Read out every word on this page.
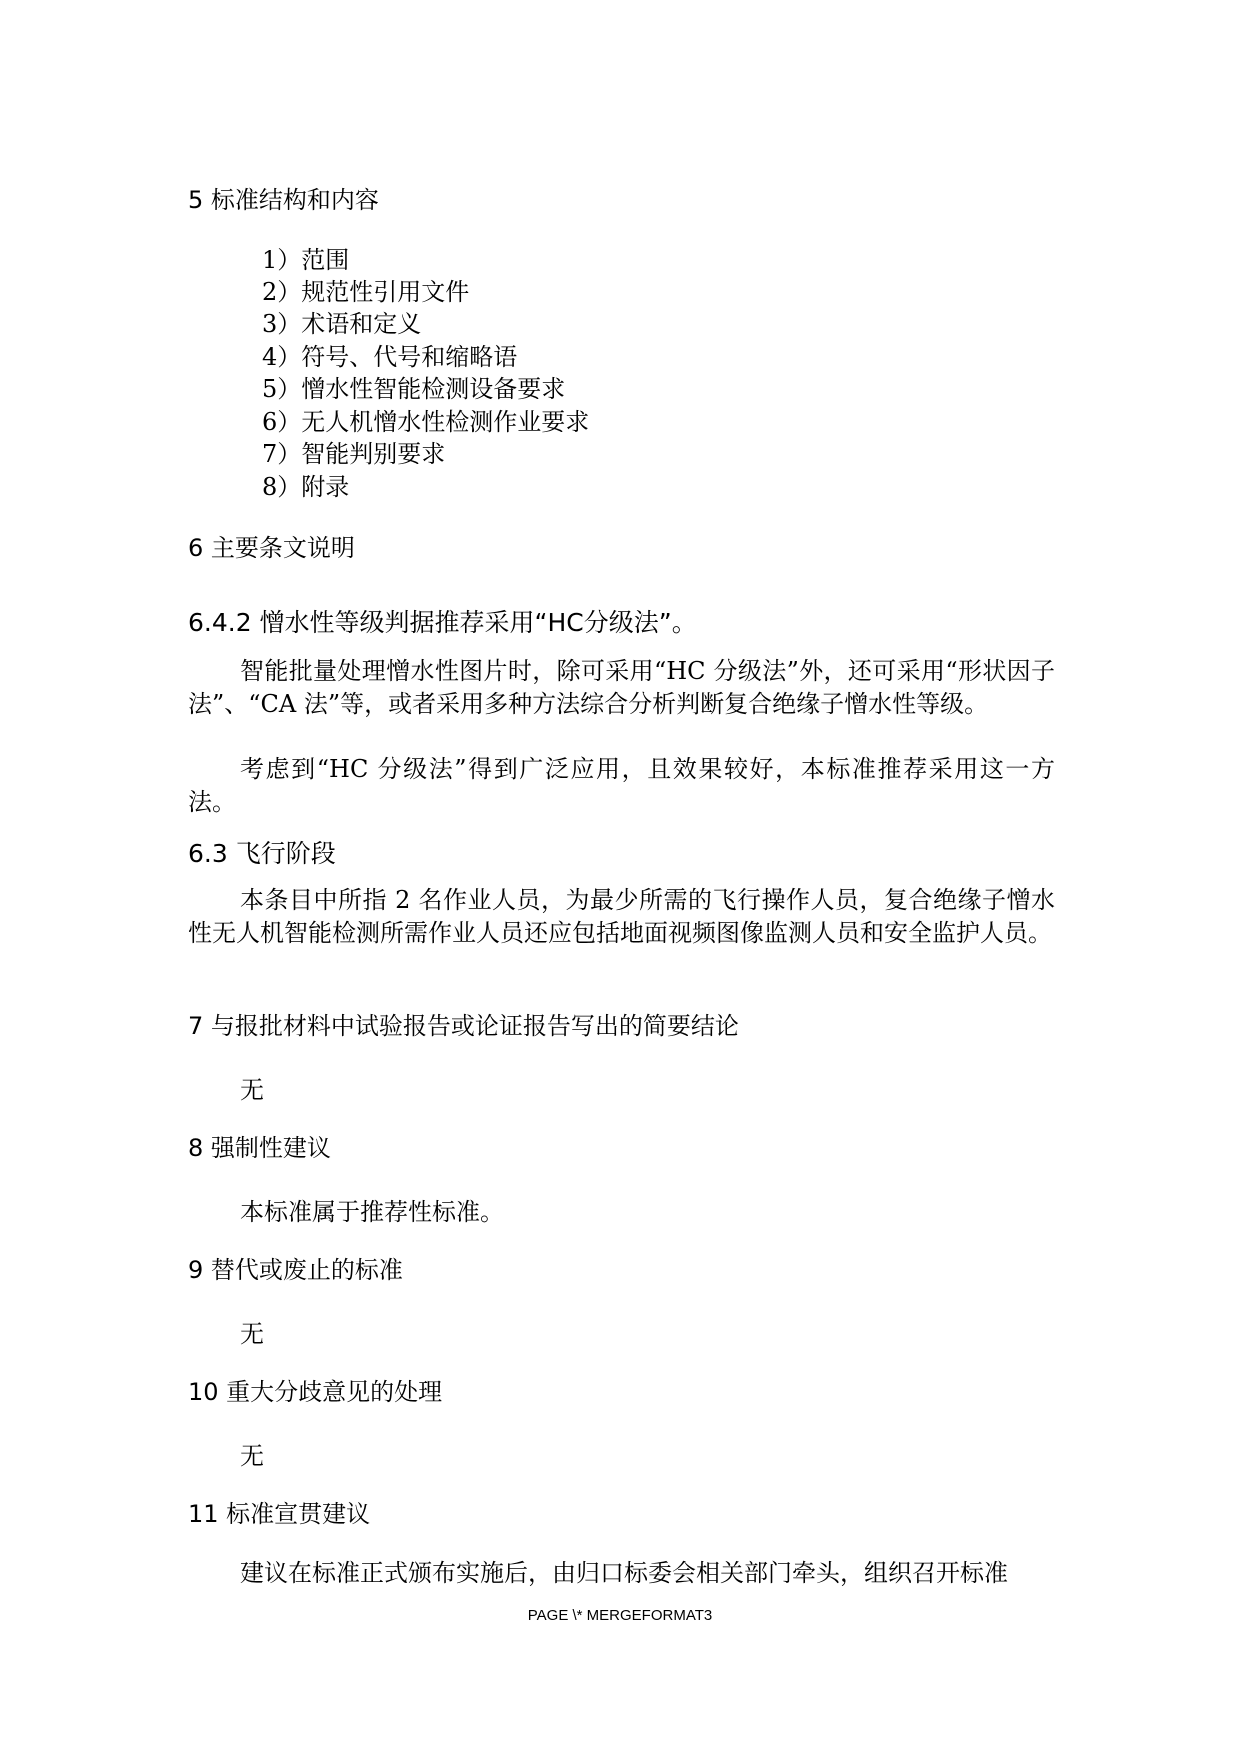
5 标准结构和内容
1）范围
2）规范性引用文件
3）术语和定义
4）符号、代号和缩略语
5）憎水性智能检测设备要求
6）无人机憎水性检测作业要求
7）智能判别要求
8）附录
6 主要条文说明
6.4.2 憎水性等级判据推荐采用“HC分级法”。
智能批量处理憎水性图片时，除可采用“HC 分级法”外，还可采用“形状因子法”、“CA 法”等，或者采用多种方法综合分析判断复合绝缘子憎水性等级。
考虑到“HC 分级法”得到广泛应用，且效果较好，本标准推荐采用这一方法。
6.3 飞行阶段
本条目中所指 2 名作业人员，为最少所需的飞行操作人员，复合绝缘子憎水性无人机智能检测所需作业人员还应包括地面视频图像监测人员和安全监护人员。
7 与报批材料中试验报告或论证报告写出的简要结论
无
8 强制性建议
本标准属于推荐性标准。
9 替代或废止的标准
无
10 重大分歧意见的处理
无
11 标准宣贯建议
建议在标准正式颁布实施后，由归口标委会相关部门牵头，组织召开标准
PAGE \* MERGEFORMAT3
